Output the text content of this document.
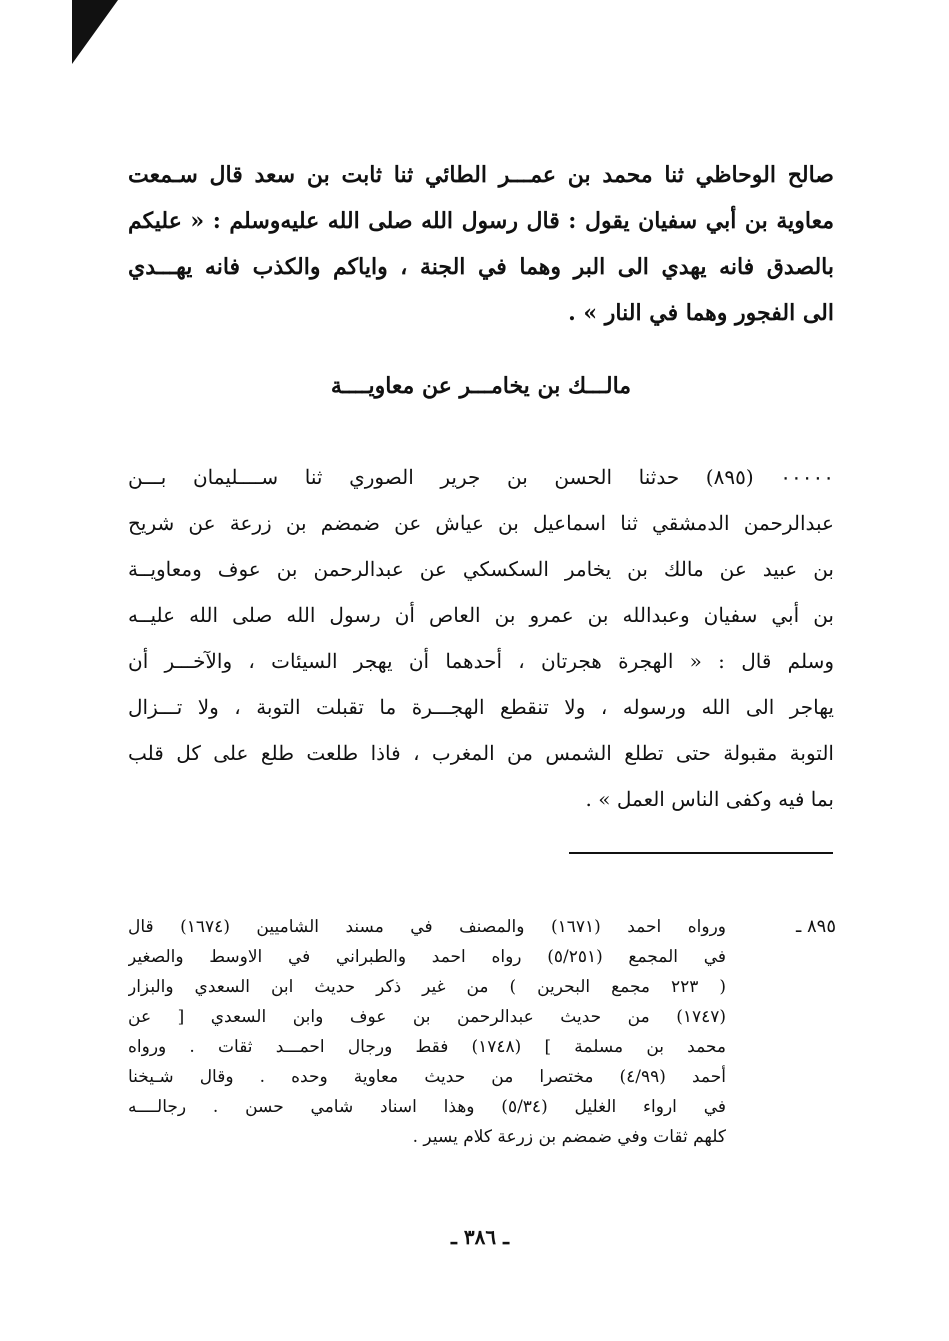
صالح الوحاظي ثنا محمد بن عمـــر الطائي ثنا ثابت بن سعد قال سـمعت
معاوية بن أبي سفيان يقول : قال رسول الله صلى الله عليه‌وسلم : « عليكم
بالصدق فانه يهدي الى البر وهما في الجنة ، واياكم والكذب فانه يهـــدي
الى الفجور وهما في النار » .
مالـــك بن يخامـــر عن معاويــــة
٠٠٠٠٠ (٨٩٥) حدثنا الحسن بن جرير الصوري ثنا ســــليمان بـــن
عبدالرحمن الدمشقي ثنا اسماعيل بن عياش عن ضمضم بن زرعة عن شريح
بن عبيد عن مالك بن يخامر السكسكي عن عبدالرحمن بن عوف ومعاويــة
بن أبي سفيان وعبدالله بن عمرو بن العاص أن رسول الله صلى الله عليــه
وسلم قال : « الهجرة هجرتان ، أحدهما أن يهجر السيئات ، والآخـــر أن
يهاجر الى الله ورسوله ، ولا تنقطع الهجـــرة ما تقبلت التوبة ، ولا تـــزال
التوبة مقبولة حتى تطلع الشمس من المغرب ، فاذا طلعت طلع على كل قلب
بما فيه وكفى الناس العمل » .
٨٩٥ ـ
ورواه احمد (١٦٧١) والمصنف في مسند الشاميين (١٦٧٤) قال
في المجمع (٥/٢٥١) رواه احمد والطبراني في الاوسط والصغير
( ٢٢٣ مجمع البحرين ) من غير ذكر حديث ابن السعدي والبزار
(١٧٤٧) من حديث عبدالرحمن بن عوف وابن السعدي [ عن
محمد بن مسلمة ] (١٧٤٨) فقط ورجال احمـــد ثقات . ورواه
أحمد (٤/٩٩) مختصرا من حديث معاوية وحده . وقال شـيخنا
في ارواء الغليل (٥/٣٤) وهذا اسناد شامي حسن . رجالــــه
كلهم ثقات وفي ضمضم بن زرعة كلام يسير .
ـ ٣٨٦ ـ
